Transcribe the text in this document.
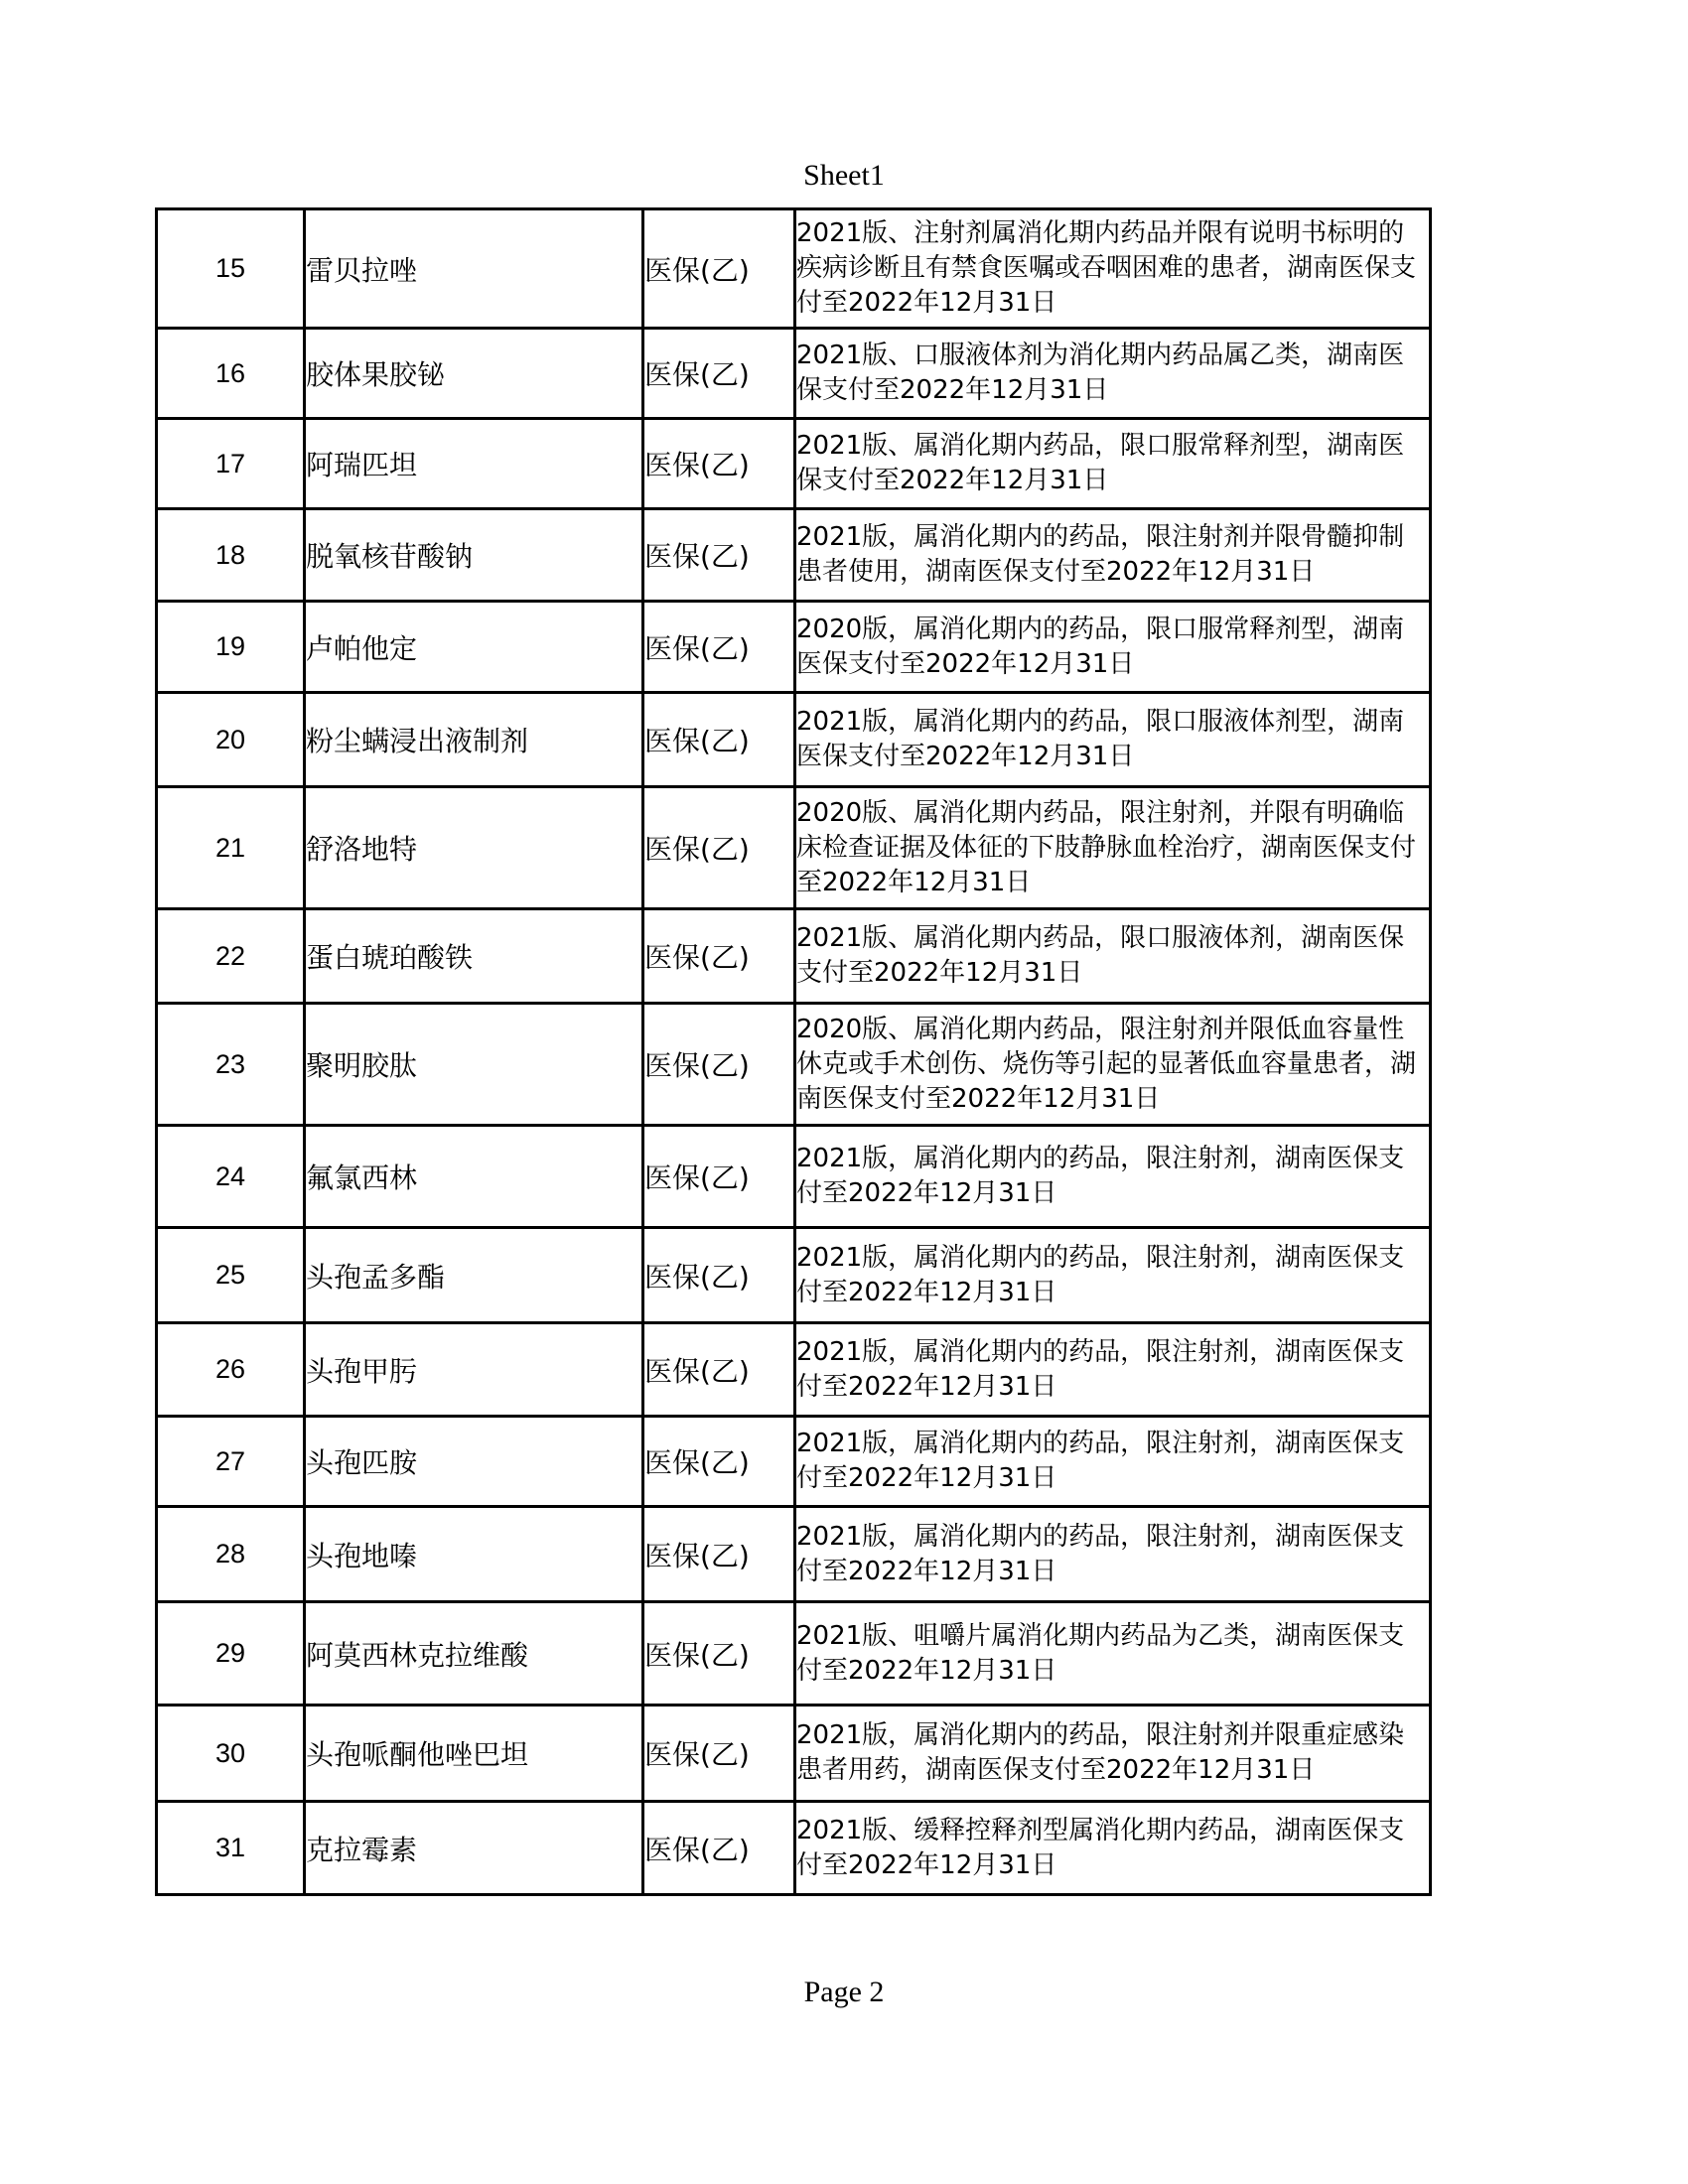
Sheet1
15	雷贝拉唑	医保(乙)	2021版、注射剂属消化期内药品并限有说明书标明的疾病诊断且有禁食医嘱或吞咽困难的患者，湖南医保支付至2022年12月31日
16	胶体果胶铋	医保(乙)	2021版、口服液体剂为消化期内药品属乙类，湖南医保支付至2022年12月31日
17	阿瑞匹坦	医保(乙)	2021版、属消化期内药品，限口服常释剂型，湖南医保支付至2022年12月31日
18	脱氧核苷酸钠	医保(乙)	2021版，属消化期内的药品，限注射剂并限骨髓抑制患者使用，湖南医保支付至2022年12月31日
19	卢帕他定	医保(乙)	2020版，属消化期内的药品，限口服常释剂型，湖南医保支付至2022年12月31日
20	粉尘螨浸出液制剂	医保(乙)	2021版，属消化期内的药品，限口服液体剂型，湖南医保支付至2022年12月31日
21	舒洛地特	医保(乙)	2020版、属消化期内药品，限注射剂，并限有明确临床检查证据及体征的下肢静脉血栓治疗，湖南医保支付至2022年12月31日
22	蛋白琥珀酸铁	医保(乙)	2021版、属消化期内药品，限口服液体剂，湖南医保支付至2022年12月31日
23	聚明胶肽	医保(乙)	2020版、属消化期内药品，限注射剂并限低血容量性休克或手术创伤、烧伤等引起的显著低血容量患者，湖南医保支付至2022年12月31日
24	氟氯西林	医保(乙)	2021版，属消化期内的药品，限注射剂，湖南医保支付至2022年12月31日
25	头孢孟多酯	医保(乙)	2021版，属消化期内的药品，限注射剂，湖南医保支付至2022年12月31日
26	头孢甲肟	医保(乙)	2021版，属消化期内的药品，限注射剂，湖南医保支付至2022年12月31日
27	头孢匹胺	医保(乙)	2021版，属消化期内的药品，限注射剂，湖南医保支付至2022年12月31日
28	头孢地嗪	医保(乙)	2021版，属消化期内的药品，限注射剂，湖南医保支付至2022年12月31日
29	阿莫西林克拉维酸	医保(乙)	2021版、咀嚼片属消化期内药品为乙类，湖南医保支付至2022年12月31日
30	头孢哌酮他唑巴坦	医保(乙)	2021版，属消化期内的药品，限注射剂并限重症感染患者用药，湖南医保支付至2022年12月31日
31	克拉霉素	医保(乙)	2021版、缓释控释剂型属消化期内药品，湖南医保支付至2022年12月31日
Page 2
